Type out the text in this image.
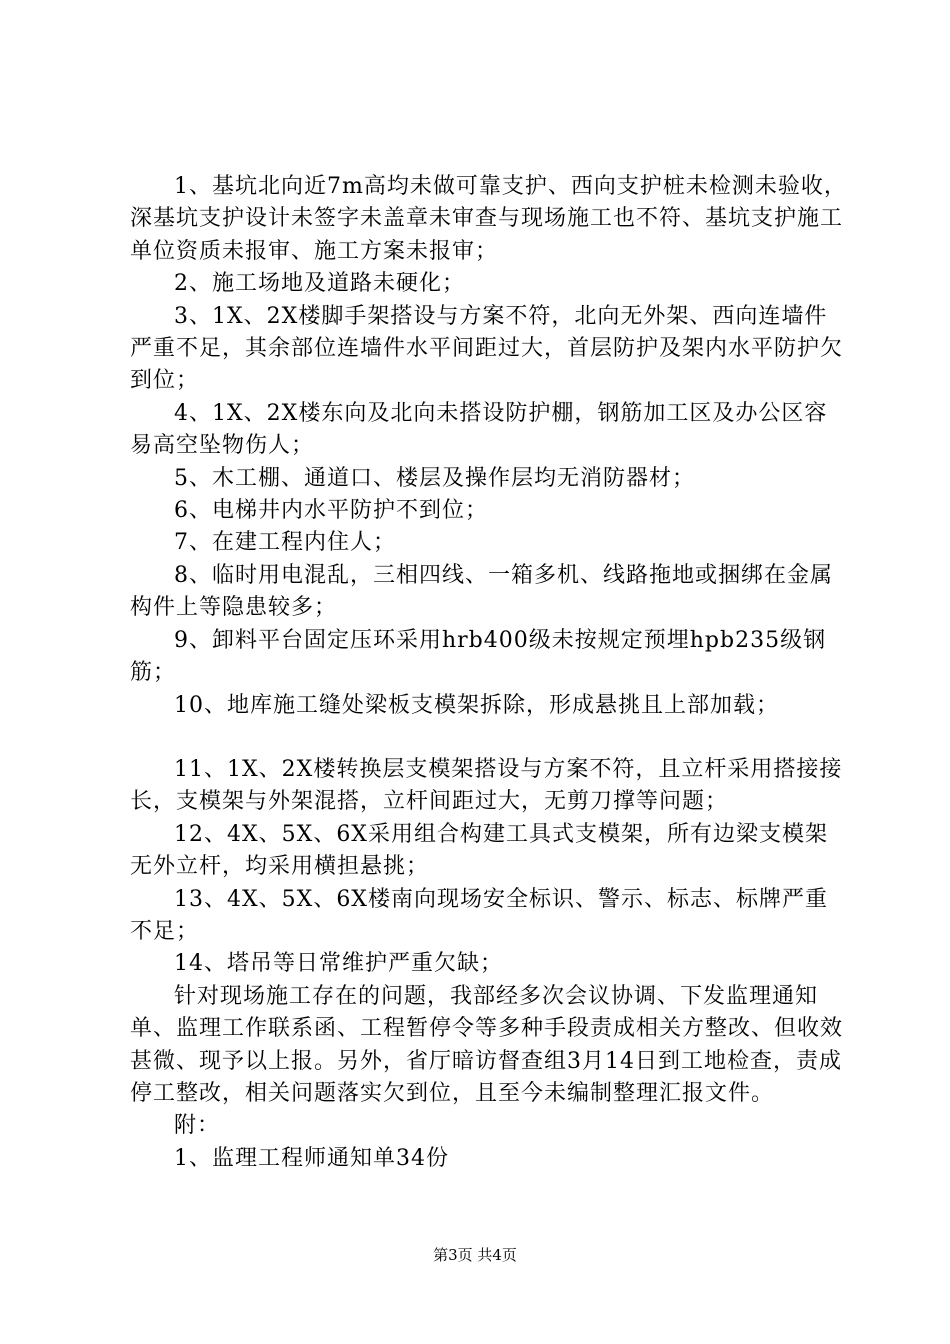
1、基坑北向近7m高均未做可靠支护、西向支护桩未检测未验收，深基坑支护设计未签字未盖章未审查与现场施工也不符、基坑支护施工单位资质未报审、施工方案未报审；

2、施工场地及道路未硬化；

3、1X、2X楼脚手架搭设与方案不符，北向无外架、西向连墙件严重不足，其余部位连墙件水平间距过大，首层防护及架内水平防护欠到位；

4、1X、2X楼东向及北向未搭设防护棚，钢筋加工区及办公区容易高空坠物伤人；

5、木工棚、通道口、楼层及操作层均无消防器材；

6、电梯井内水平防护不到位；

7、在建工程内住人；

8、临时用电混乱，三相四线、一箱多机、线路拖地或捆绑在金属构件上等隐患较多；

9、卸料平台固定压环采用hrb400级未按规定预埋hpb235级钢筋；

10、地库施工缝处梁板支模架拆除，形成悬挑且上部加载；

11、1X、2X楼转换层支模架搭设与方案不符，且立杆采用搭接接长，支模架与外架混搭，立杆间距过大，无剪刀撑等问题；

12、4X、5X、6X采用组合构建工具式支模架，所有边梁支模架无外立杆，均采用横担悬挑；

13、4X、5X、6X楼南向现场安全标识、警示、标志、标牌严重不足；

14、塔吊等日常维护严重欠缺；

针对现场施工存在的问题，我部经多次会议协调、下发监理通知单、监理工作联系函、工程暂停令等多种手段责成相关方整改、但收效甚微、现予以上报。另外，省厅暗访督查组3月14日到工地检查，责成停工整改，相关问题落实欠到位，且至今未编制整理汇报文件。

附：

1、监理工程师通知单34份

第3页 共4页
